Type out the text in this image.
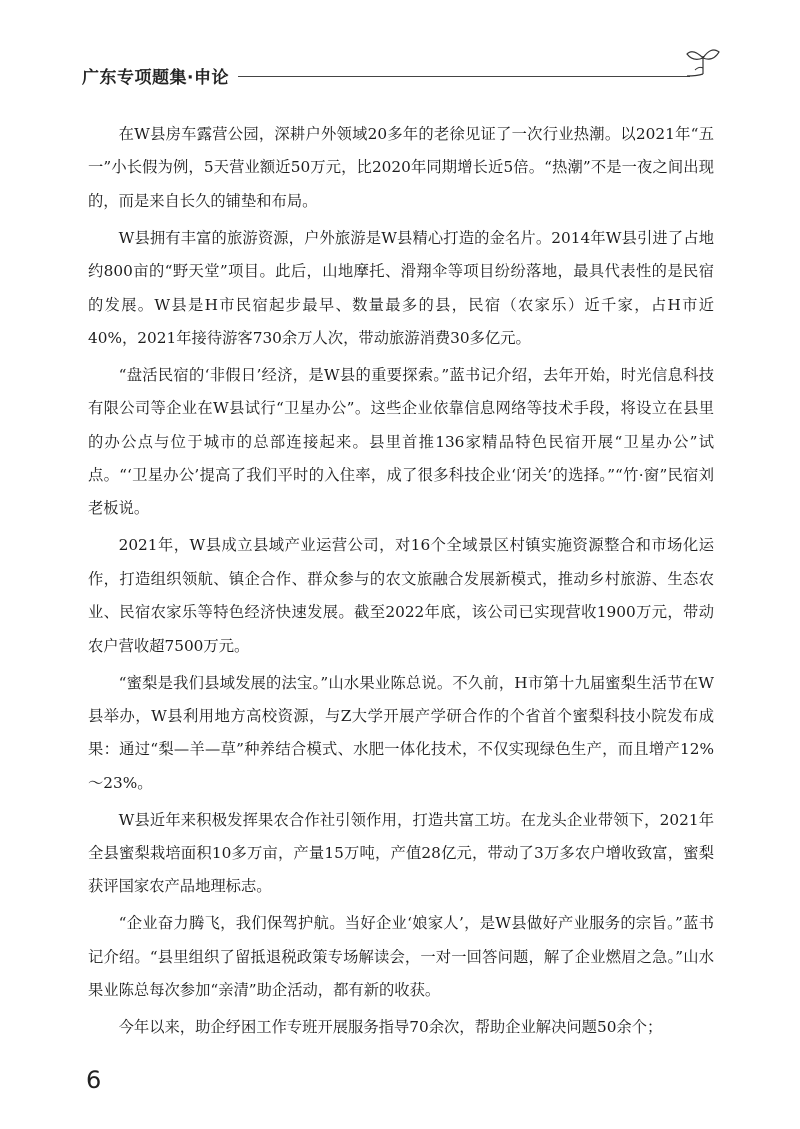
广东专项题集·申论

在W县房车露营公园，深耕户外领域20多年的老徐见证了一次行业热潮。以2021年“五一”小长假为例，5天营业额近50万元，比2020年同期增长近5倍。“热潮”不是一夜之间出现的，而是来自长久的铺垫和布局。

W县拥有丰富的旅游资源，户外旅游是W县精心打造的金名片。2014年W县引进了占地约800亩的“野天堂”项目。此后，山地摩托、滑翔伞等项目纷纷落地，最具代表性的是民宿的发展。W县是H市民宿起步最早、数量最多的县，民宿（农家乐）近千家，占H市近40%，2021年接待游客730余万人次，带动旅游消费30多亿元。

“盘活民宿的‘非假日’经济，是W县的重要探索。”蓝书记介绍，去年开始，时光信息科技有限公司等企业在W县试行“卫星办公”。这些企业依靠信息网络等技术手段，将设立在县里的办公点与位于城市的总部连接起来。县里首推136家精品特色民宿开展“卫星办公”试点。“‘卫星办公’提高了我们平时的入住率，成了很多科技企业‘闭关’的选择。”“竹·窗”民宿刘老板说。

2021年，W县成立县域产业运营公司，对16个全域景区村镇实施资源整合和市场化运作，打造组织领航、镇企合作、群众参与的农文旅融合发展新模式，推动乡村旅游、生态农业、民宿农家乐等特色经济快速发展。截至2022年底，该公司已实现营收1900万元，带动农户营收超7500万元。

“蜜梨是我们县域发展的法宝。”山水果业陈总说。不久前，H市第十九届蜜梨生活节在W县举办，W县利用地方高校资源，与Z大学开展产学研合作的个省首个蜜梨科技小院发布成果：通过“梨—羊—草”种养结合模式、水肥一体化技术，不仅实现绿色生产，而且增产12%～23%。

W县近年来积极发挥果农合作社引领作用，打造共富工坊。在龙头企业带领下，2021年全县蜜梨栽培面积10多万亩，产量15万吨，产值28亿元，带动了3万多农户增收致富，蜜梨获评国家农产品地理标志。

“企业奋力腾飞，我们保驾护航。当好企业‘娘家人’，是W县做好产业服务的宗旨。”蓝书记介绍。“县里组织了留抵退税政策专场解读会，一对一回答问题，解了企业燃眉之急。”山水果业陈总每次参加“亲清”助企活动，都有新的收获。

今年以来，助企纾困工作专班开展服务指导70余次，帮助企业解决问题50余个；

6
